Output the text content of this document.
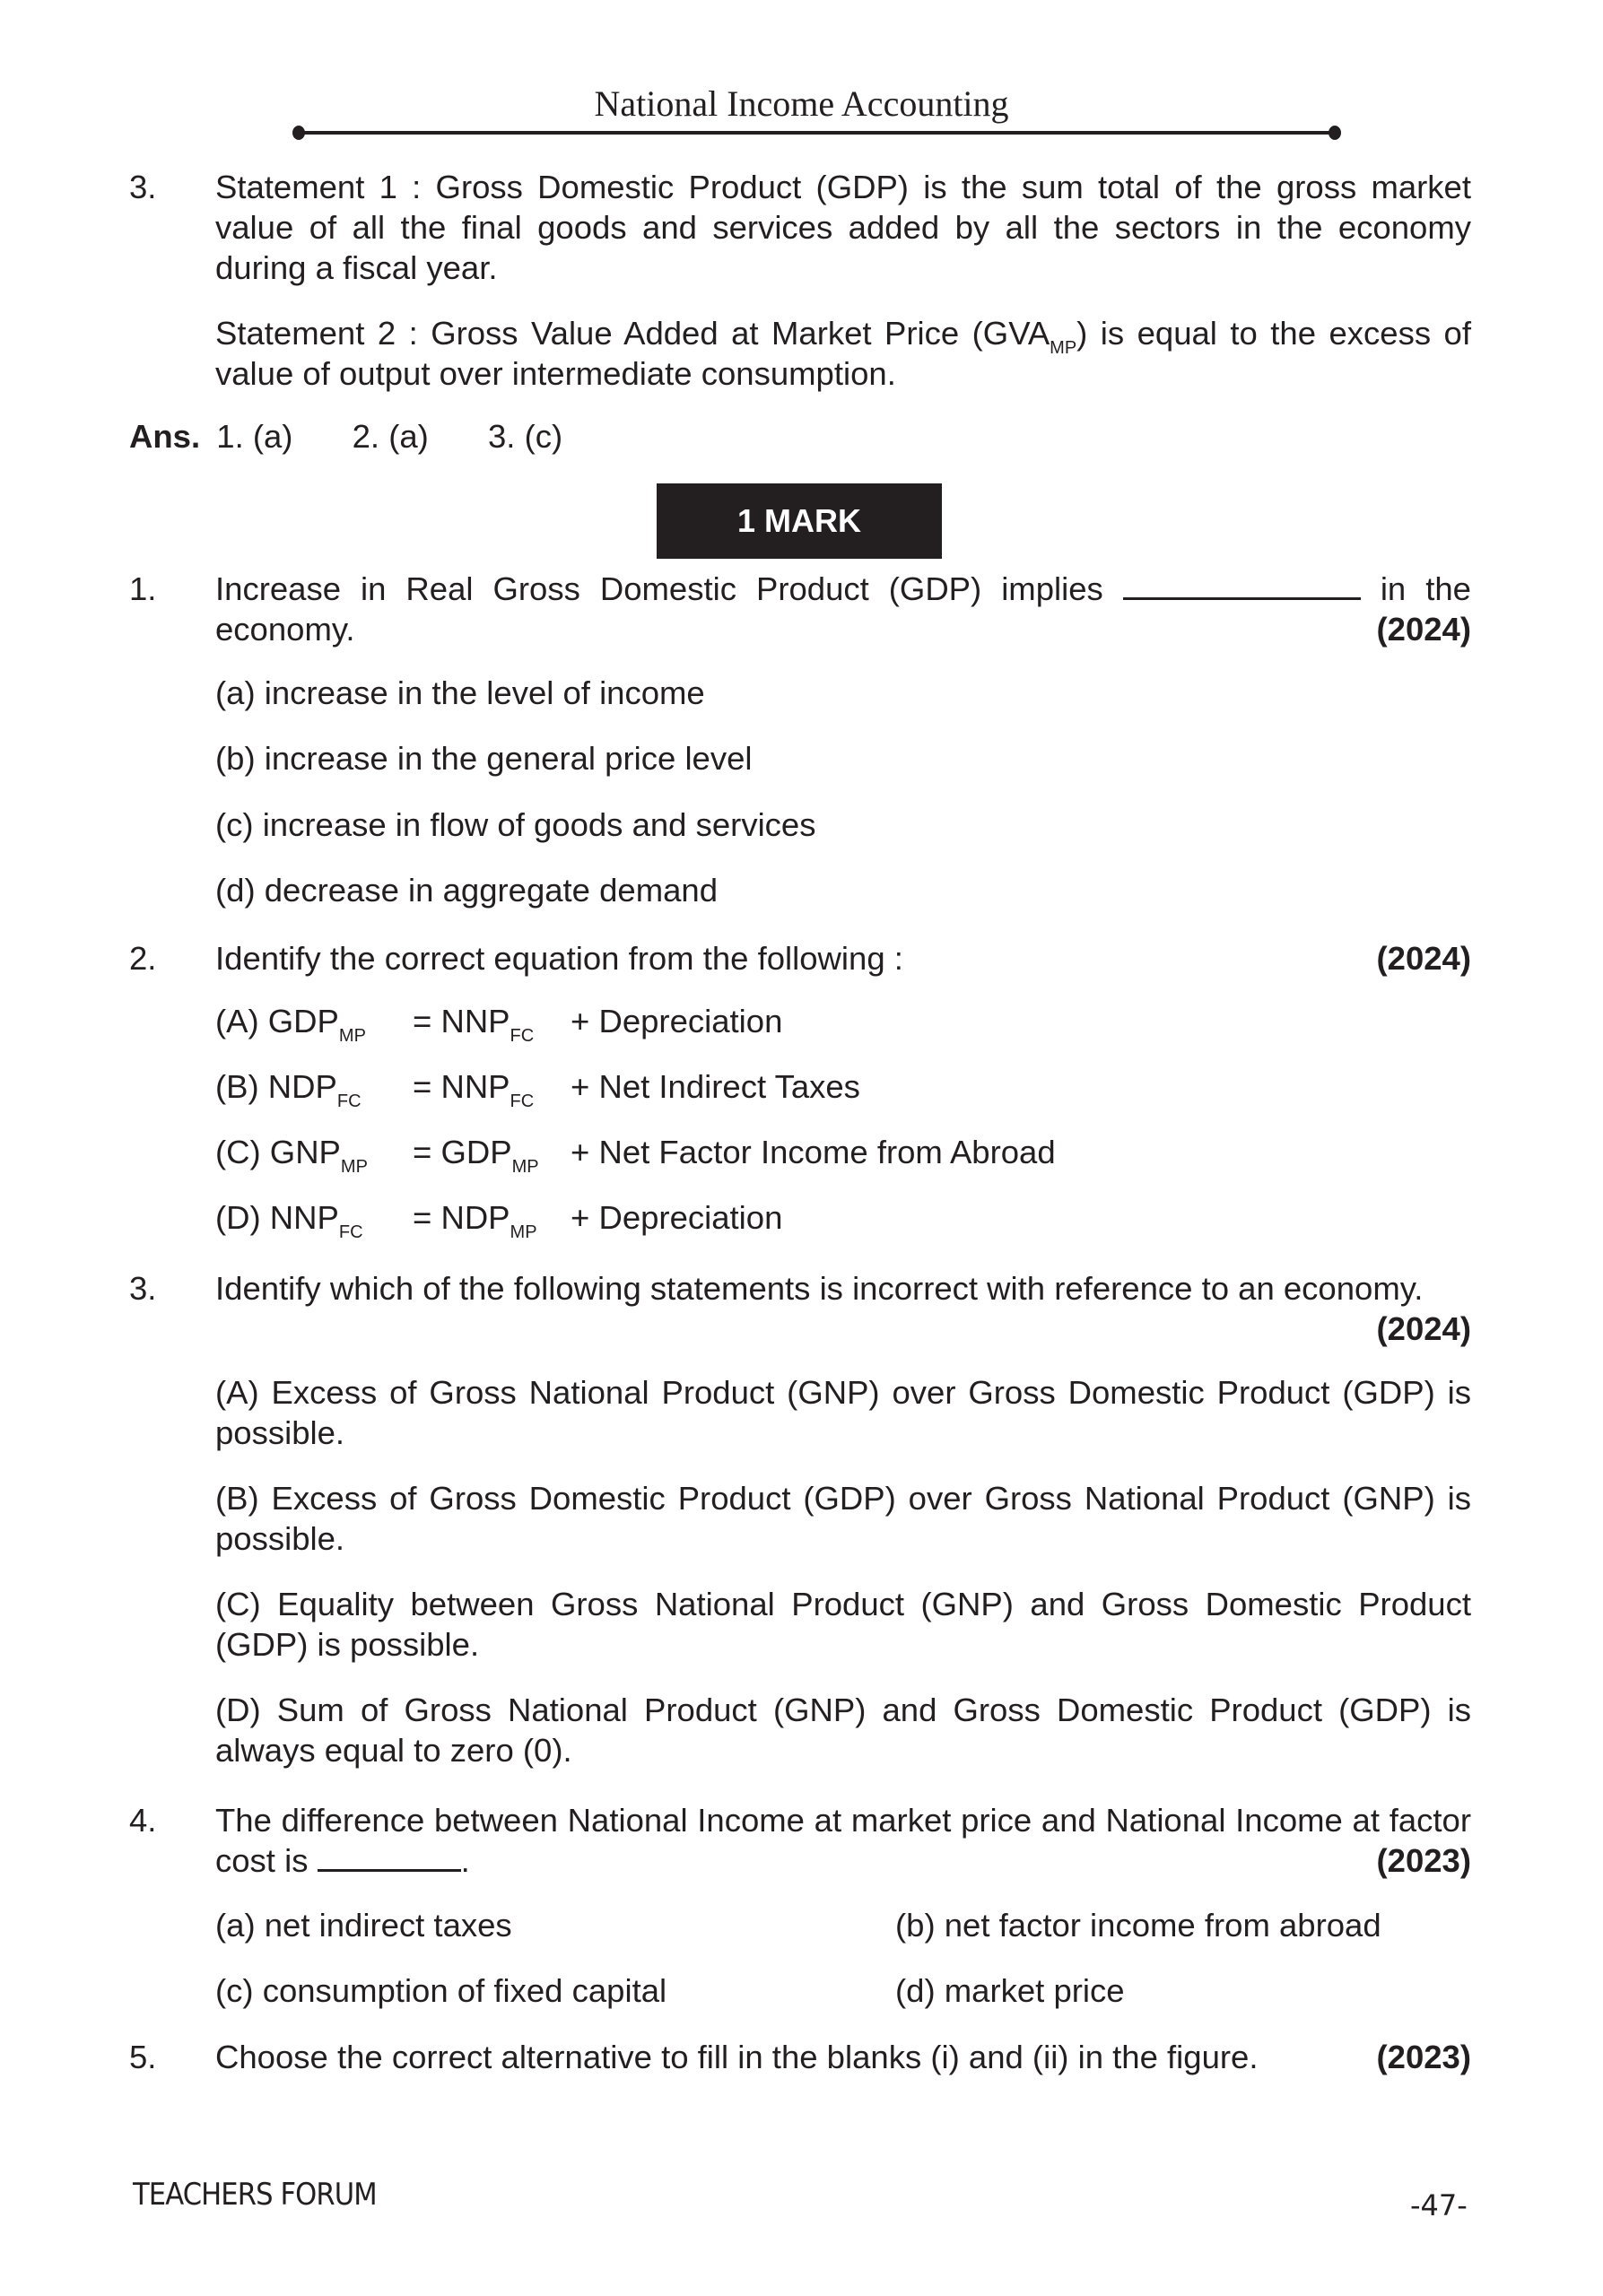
National Income Accounting
3.	Statement 1 : Gross Domestic Product (GDP) is the sum total of the gross market value of all the final goods and services added by all the sectors in the economy during a fiscal year.
Statement 2 : Gross Value Added at Market Price $(GVA_{MP})$ is equal to the excess of value of output over intermediate consumption.
Ans. 1. (a) 2. (a) 3. (c)
1 MARK
1.	Increase in Real Gross Domestic Product (GDP) implies	in the economy.	(2024)
(a) increase in the level of income
(b) increase in the general price level
(c) increase in flow of goods and services
(d) decrease in aggregate demand
2.	Identify the correct equation from the following :	(2024)
(A) $GDP_{MP} = NNP_{FC}$ + Depreciation
(B) $NDP_{FC} = NNP_{FC}$ + Net Indirect Taxes
(C) $GNP_{MP} = GDP_{MP}$ + Net Factor Income from Abroad
(D) $NNP_{FC} = NDP_{MP}$ + Depreciation
3.	Identify which of the following statements is incorrect with reference to an economy.
(2024)
(A) Excess of Gross National Product (GNP) over Gross Domestic Product (GDP) is possible.
(B) Excess of Gross Domestic Product (GDP) over Gross National Product (GNP) is possible.
(C) Equality between Gross National Product (GNP) and Gross Domestic Product (GDP) is possible.
(D) Sum of Gross National Product (GNP) and Gross Domestic Product (GDP) is always equal to zero (0).
4.	The difference between National Income at market price and National Income at factor cost is	.	(2023)
(a) net indirect taxes	(b) net factor income from abroad
(c) consumption of fixed capital	(d) market price
5.	Choose the correct alternative to fill in the blanks (i) and (ii) in the figure.	(2023)
TEACHERS FORUM	-47-
